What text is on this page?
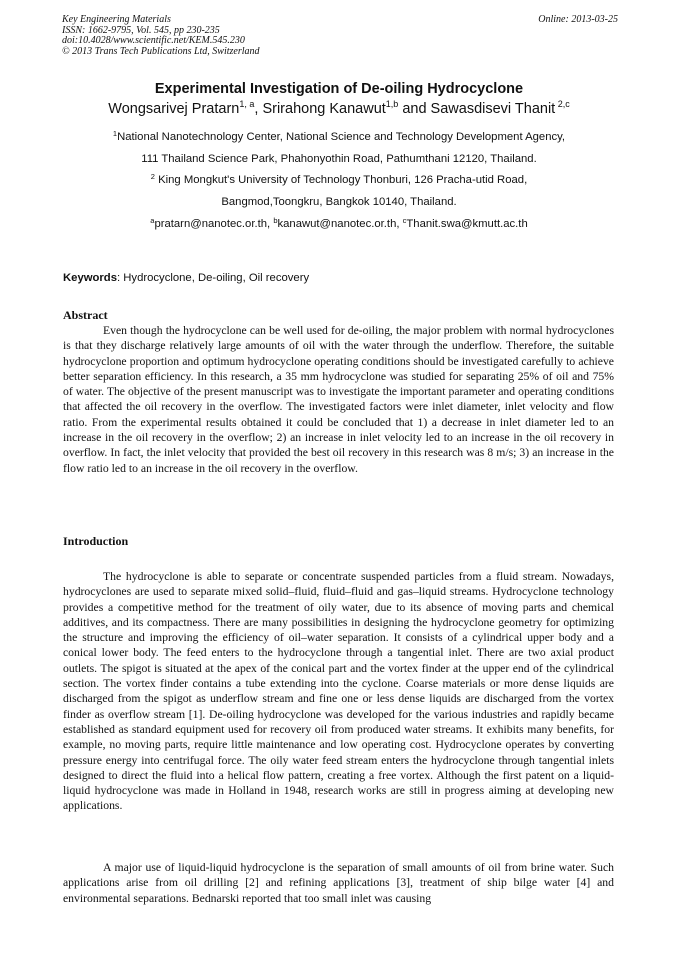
Key Engineering Materials
ISSN: 1662-9795, Vol. 545, pp 230-235
doi:10.4028/www.scientific.net/KEM.545.230
© 2013 Trans Tech Publications Ltd, Switzerland
Online: 2013-03-25
Experimental Investigation of De-oiling Hydrocyclone
Wongsarivej Pratarn$^{1, a}$, Srirahong Kanawut$^{1,b}$ and Sawasdisevi Thanit $^{2,c}$
$^1$National Nanotechnology Center, National Science and Technology Development Agency,
111 Thailand Science Park, Phahonyothin Road, Pathumthani 12120, Thailand.
$^2$ King Mongkut's University of Technology Thonburi, 126 Pracha-utid Road,
Bangmod,Toongkru, Bangkok 10140, Thailand.
$^a$pratarn@nanotec.or.th, $^b$kanawut@nanotec.or.th, $^c$Thanit.swa@kmutt.ac.th
Keywords: Hydrocyclone, De-oiling, Oil recovery
Abstract

Even though the hydrocyclone can be well used for de-oiling, the major problem with normal hydrocyclones is that they discharge relatively large amounts of oil with the water through the underflow. Therefore, the suitable hydrocyclone proportion and optimum hydrocyclone operating conditions should be investigated carefully to achieve better separation efficiency. In this research, a 35 mm hydrocyclone was studied for separating 25% of oil and 75% of water. The objective of the present manuscript was to investigate the important parameter and operating conditions that affected the oil recovery in the overflow. The investigated factors were inlet diameter, inlet velocity and flow ratio. From the experimental results obtained it could be concluded that 1) a decrease in inlet diameter led to an increase in the oil recovery in the overflow; 2) an increase in inlet velocity led to an increase in the oil recovery in overflow. In fact, the inlet velocity that provided the best oil recovery in this research was 8 m/s; 3) an increase in the flow ratio led to an increase in the oil recovery in the overflow.

Introduction

The hydrocyclone is able to separate or concentrate suspended particles from a fluid stream. Nowadays, hydrocyclones are used to separate mixed solid–fluid, fluid–fluid and gas–liquid streams. Hydrocyclone technology provides a competitive method for the treatment of oily water, due to its absence of moving parts and chemical additives, and its compactness. There are many possibilities in designing the hydrocyclone geometry for optimizing the structure and improving the efficiency of oil–water separation. It consists of a cylindrical upper body and a conical lower body. The feed enters to the hydrocyclone through a tangential inlet. There are two axial product outlets. The spigot is situated at the apex of the conical part and the vortex finder at the upper end of the cylindrical section. The vortex finder contains a tube extending into the cyclone. Coarse materials or more dense liquids are discharged from the spigot as underflow stream and fine one or less dense liquids are discharged from the vortex finder as overflow stream [1]. De-oiling hydrocyclone was developed for the various industries and rapidly became established as standard equipment used for recovery oil from produced water streams. It exhibits many benefits, for example, no moving parts, require little maintenance and low operating cost. Hydrocyclone operates by converting pressure energy into centrifugal force. The oily water feed stream enters the hydrocyclone through tangential inlets designed to direct the fluid into a helical flow pattern, creating a free vortex. Although the first patent on a liquid-liquid hydrocyclone was made in Holland in 1948, research works are still in progress aiming at developing new applications.

A major use of liquid-liquid hydrocyclone is the separation of small amounts of oil from brine water. Such applications arise from oil drilling [2] and refining applications [3], treatment of ship bilge water [4] and environmental separations. Bednarski reported that too small inlet was causing
